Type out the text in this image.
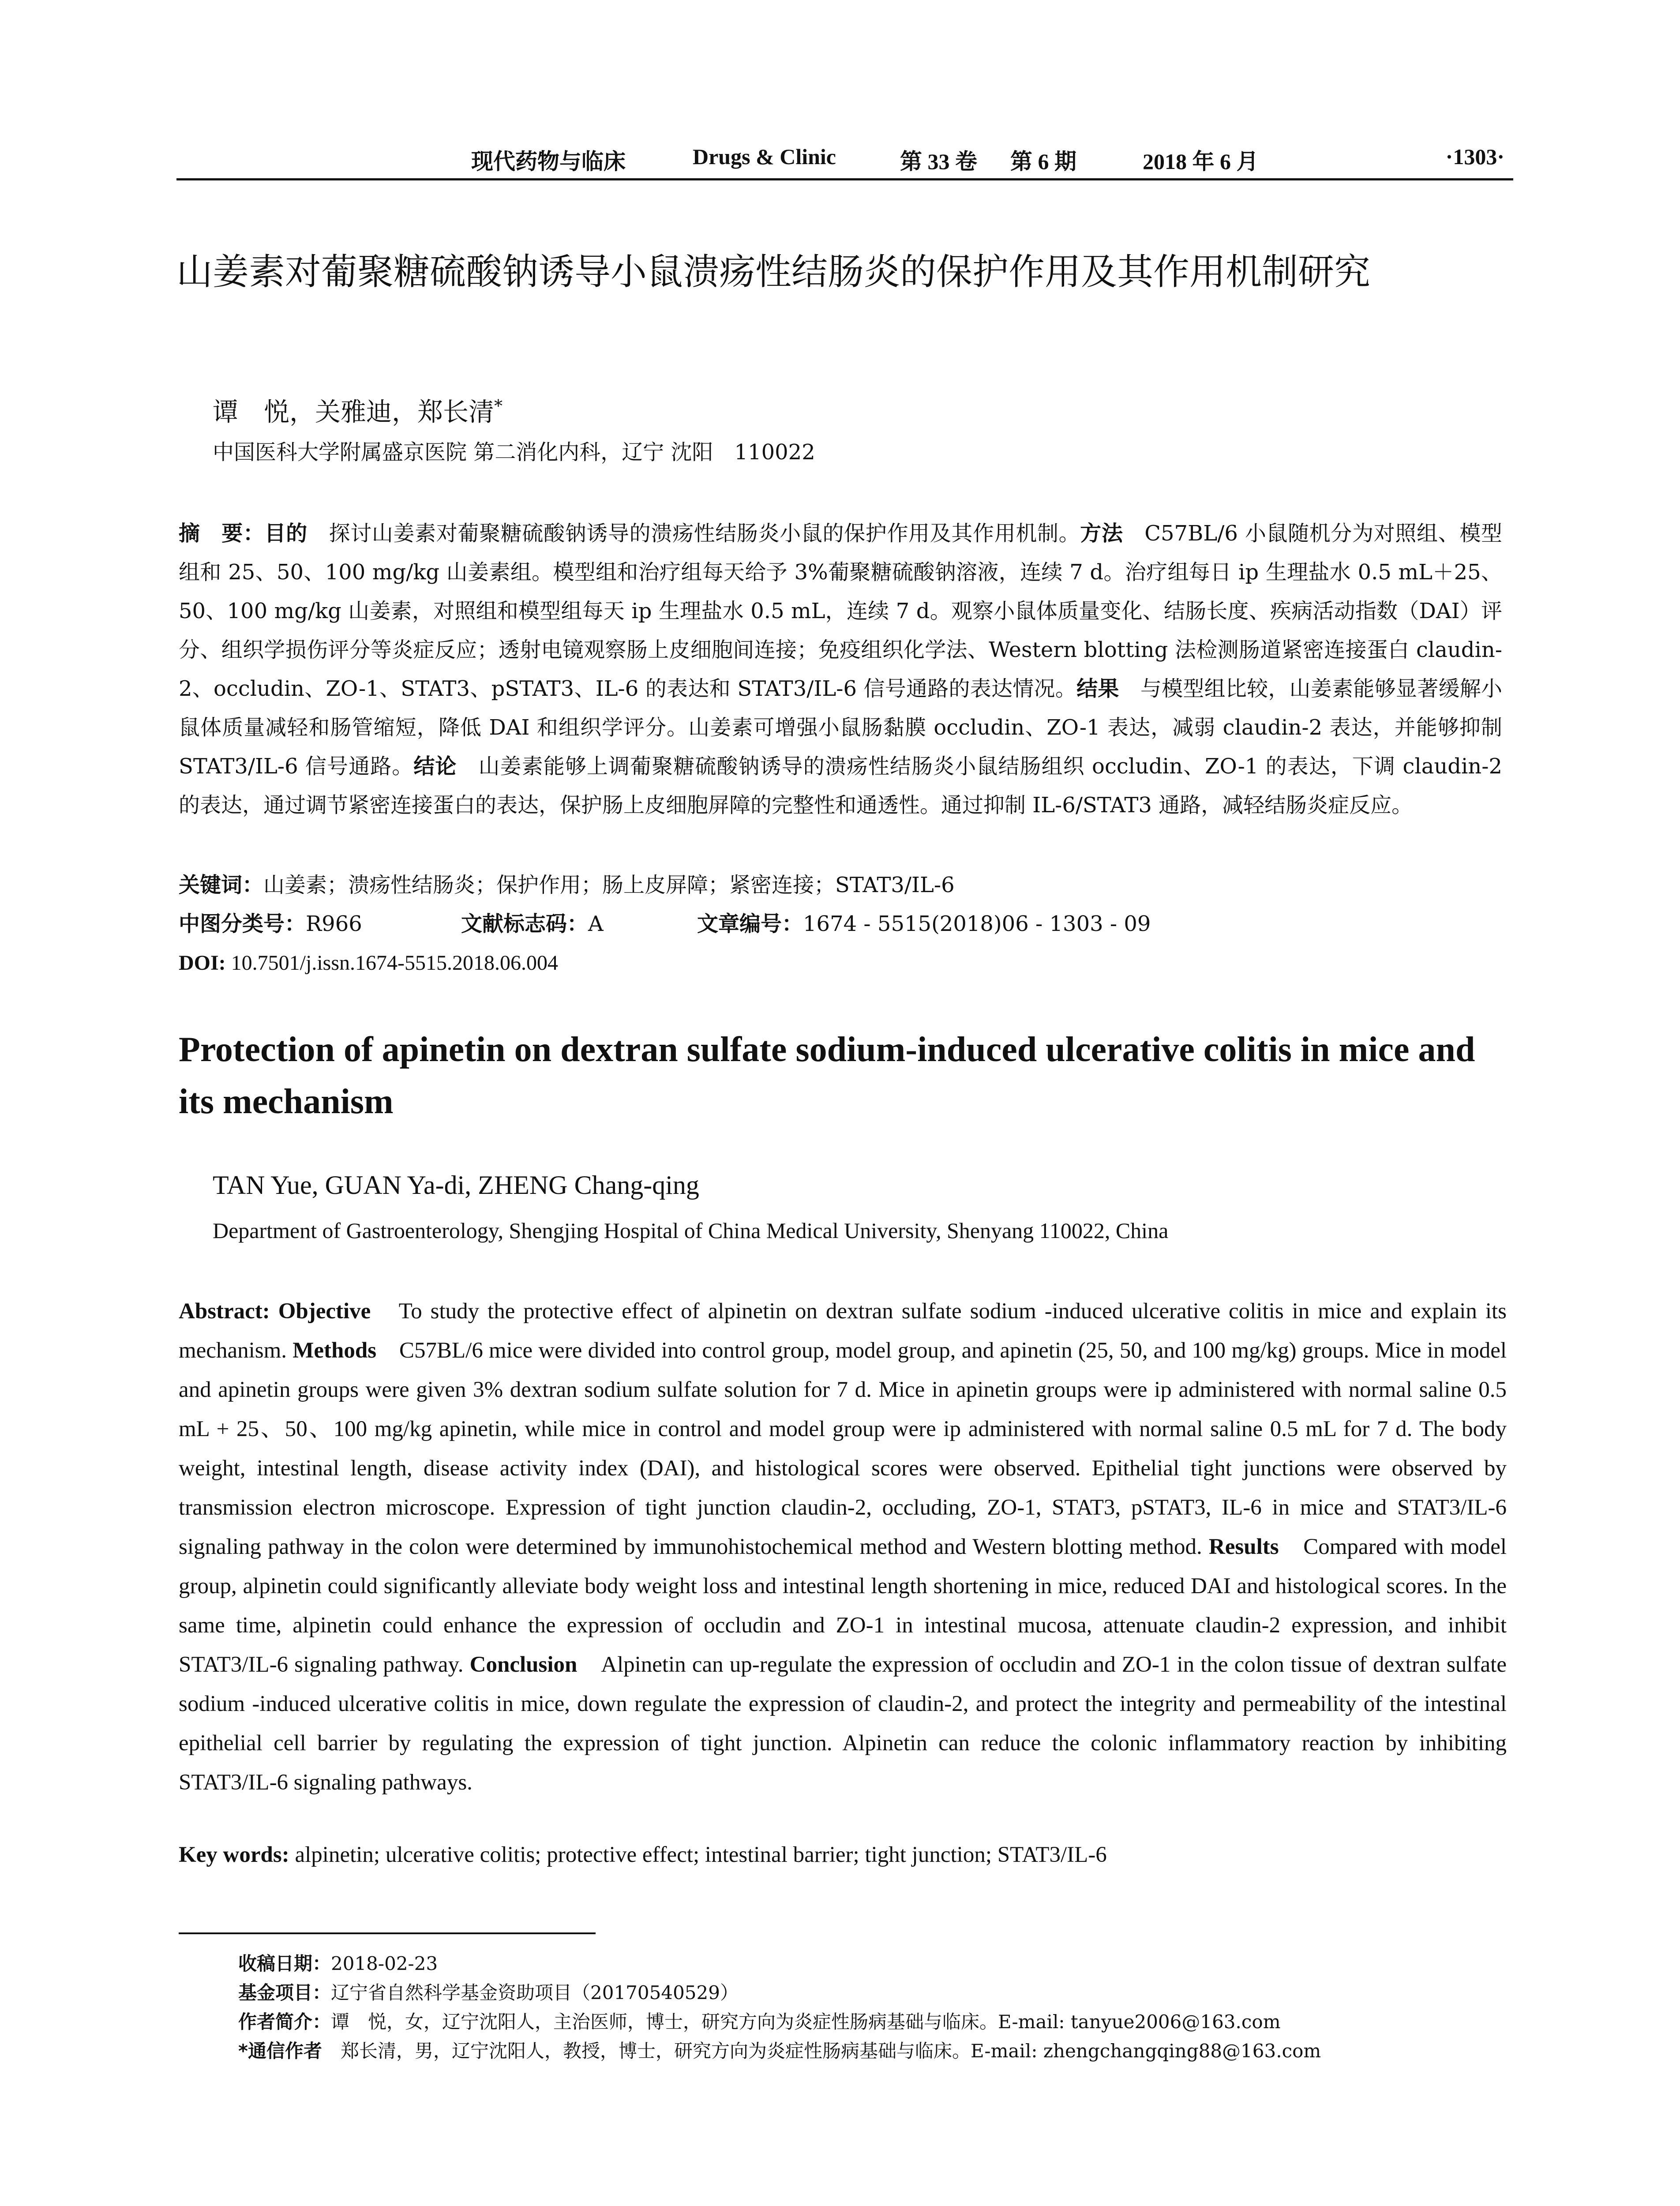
现代药物与临床	Drugs & Clinic	第 33 卷 第 6 期	2018 年 6 月	·1303·
山姜素对葡聚糖硫酸钠诱导小鼠溃疡性结肠炎的保护作用及其作用机制研究
谭　悦，关雅迪，郑长清*
中国医科大学附属盛京医院 第二消化内科，辽宁 沈阳　110022

摘　要：目的　探讨山姜素对葡聚糖硫酸钠诱导的溃疡性结肠炎小鼠的保护作用及其作用机制。方法　C57BL/6 小鼠随机分为对照组、模型组和 25、50、100 mg/kg 山姜素组。模型组和治疗组每天给予 3%葡聚糖硫酸钠溶液，连续 7 d。治疗组每日 ip 生理盐水 0.5 mL＋25、50、100 mg/kg 山姜素，对照组和模型组每天 ip 生理盐水 0.5 mL，连续 7 d。观察小鼠体质量变化、结肠长度、疾病活动指数（DAI）评分、组织学损伤评分等炎症反应；透射电镜观察肠上皮细胞间连接；免疫组织化学法、Western blotting 法检测肠道紧密连接蛋白 claudin-2、occludin、ZO-1、STAT3、pSTAT3、IL-6 的表达和 STAT3/IL-6 信号通路的表达情况。结果　与模型组比较，山姜素能够显著缓解小鼠体质量减轻和肠管缩短，降低 DAI 和组织学评分。山姜素可增强小鼠肠黏膜 occludin、ZO-1 表达，减弱 claudin-2 表达，并能够抑制 STAT3/IL-6 信号通路。结论　山姜素能够上调葡聚糖硫酸钠诱导的溃疡性结肠炎小鼠结肠组织 occludin、ZO-1 的表达，下调 claudin-2 的表达，通过调节紧密连接蛋白的表达，保护肠上皮细胞屏障的完整性和通透性。通过抑制 IL-6/STAT3 通路，减轻结肠炎症反应。

关键词：山姜素；溃疡性结肠炎；保护作用；肠上皮屏障；紧密连接；STAT3/IL-6
中图分类号：R966	文献标志码：A	文章编号：1674 - 5515(2018)06 - 1303 - 09
DOI: 10.7501/j.issn.1674-5515.2018.06.004
Protection of apinetin on dextran sulfate sodium-induced ulcerative colitis in mice and its mechanism
TAN Yue, GUAN Ya-di, ZHENG Chang-qing
Department of Gastroenterology, Shengjing Hospital of China Medical University, Shenyang 110022, China

Abstract: Objective　To study the protective effect of alpinetin on dextran sulfate sodium -induced ulcerative colitis in mice and explain its mechanism. Methods　C57BL/6 mice were divided into control group, model group, and apinetin (25, 50, and 100 mg/kg) groups. Mice in model and apinetin groups were given 3% dextran sodium sulfate solution for 7 d. Mice in apinetin groups were ip administered with normal saline 0.5 mL + 25、50、100 mg/kg apinetin, while mice in control and model group were ip administered with normal saline 0.5 mL for 7 d. The body weight, intestinal length, disease activity index (DAI), and histological scores were observed. Epithelial tight junctions were observed by transmission electron microscope. Expression of tight junction claudin-2, occluding, ZO-1, STAT3, pSTAT3, IL-6 in mice and STAT3/IL-6 signaling pathway in the colon were determined by immunohistochemical method and Western blotting method. Results　Compared with model group, alpinetin could significantly alleviate body weight loss and intestinal length shortening in mice, reduced DAI and histological scores. In the same time, alpinetin could enhance the expression of occludin and ZO-1 in intestinal mucosa, attenuate claudin-2 expression, and inhibit STAT3/IL-6 signaling pathway. Conclusion　Alpinetin can up-regulate the expression of occludin and ZO-1 in the colon tissue of dextran sulfate sodium -induced ulcerative colitis in mice, down regulate the expression of claudin-2, and protect the integrity and permeability of the intestinal epithelial cell barrier by regulating the expression of tight junction. Alpinetin can reduce the colonic inflammatory reaction by inhibiting STAT3/IL-6 signaling pathways.

Key words: alpinetin; ulcerative colitis; protective effect; intestinal barrier; tight junction; STAT3/IL-6
收稿日期：2018-02-23
基金项目：辽宁省自然科学基金资助项目（20170540529）
作者简介：谭　悦，女，辽宁沈阳人，主治医师，博士，研究方向为炎症性肠病基础与临床。E-mail: tanyue2006@163.com
*通信作者　郑长清，男，辽宁沈阳人，教授，博士，研究方向为炎症性肠病基础与临床。E-mail: zhengchangqing88@163.com
